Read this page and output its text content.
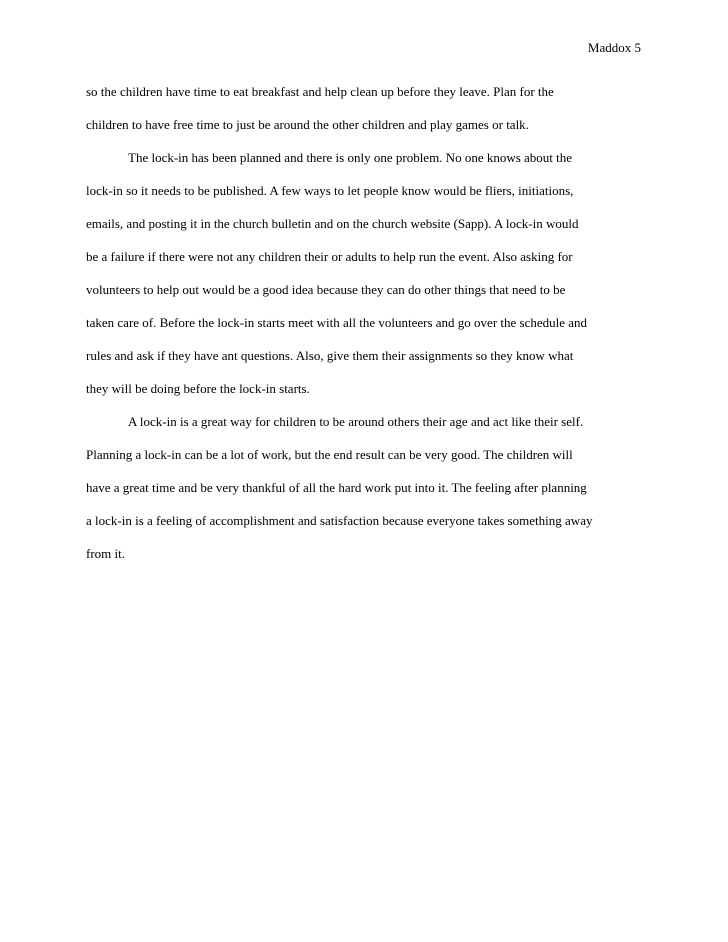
Maddox 5
so the children have time to eat breakfast and help clean up before they leave. Plan for the
children to have free time to just be around the other children and play games or talk.
The lock-in has been planned and there is only one problem. No one knows about the
lock-in so it needs to be published. A few ways to let people know would be fliers, initiations,
emails, and posting it in the church bulletin and on the church website (Sapp). A lock-in would
be a failure if there were not any children their or adults to help run the event. Also asking for
volunteers to help out would be a good idea because they can do other things that need to be
taken care of. Before the lock-in starts meet with all the volunteers and go over the schedule and
rules and ask if they have ant questions. Also, give them their assignments so they know what
they will be doing before the lock-in starts.
A lock-in is a great way for children to be around others their age and act like their self.
Planning a lock-in can be a lot of work, but the end result can be very good. The children will
have a great time and be very thankful of all the hard work put into it. The feeling after planning
a lock-in is a feeling of accomplishment and satisfaction because everyone takes something away
from it.
